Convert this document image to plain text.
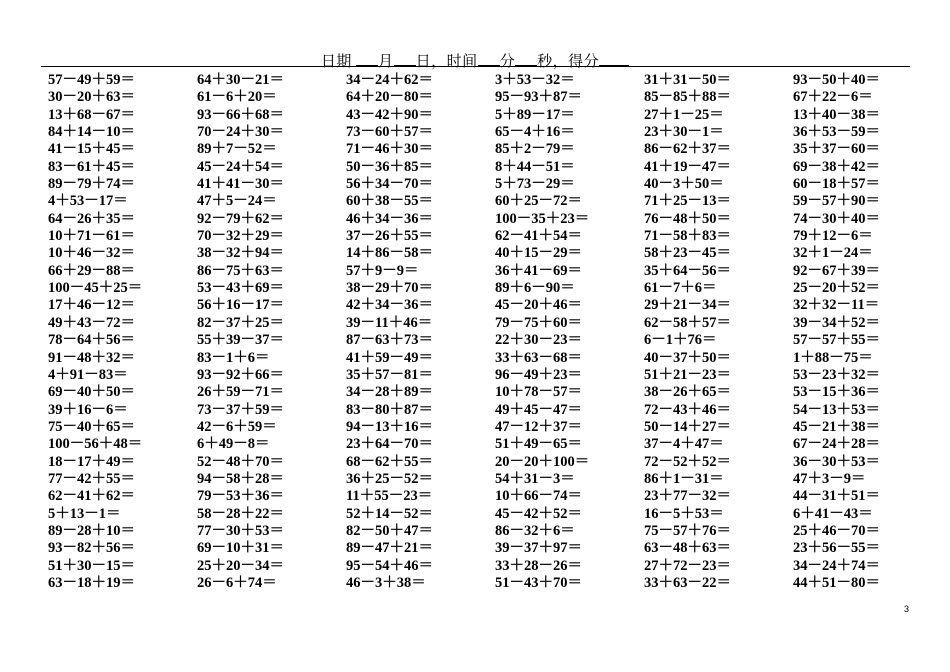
日期 月 日，时间 分 秒，得分
57－49＋59＝	64＋30－21＝	34－24＋62＝	3＋53－32＝	31＋31－50＝	93－50＋40＝
30－20＋63＝	61－6＋20＝	64＋20－80＝	95－93＋87＝	85－85＋88＝	67＋22－6＝
13＋68－67＝	93－66＋68＝	43－42＋90＝	5＋89－17＝	27＋1－25＝	13＋40－38＝
84＋14－10＝	70－24＋30＝	73－60＋57＝	65－4＋16＝	23＋30－1＝	36＋53－59＝
41－15＋45＝	89＋7－52＝	71－46＋30＝	85＋2－79＝	86－62＋37＝	35＋37－60＝
83－61＋45＝	45－24＋54＝	50－36＋85＝	8＋44－51＝	41＋19－47＝	69－38＋42＝
89－79＋74＝	41＋41－30＝	56＋34－70＝	5＋73－29＝	40－3＋50＝	60－18＋57＝
4＋53－17＝	47＋5－24＝	60＋38－55＝	60＋25－72＝	71＋25－13＝	59－57＋90＝
64－26＋35＝	92－79＋62＝	46＋34－36＝	100－35＋23＝	76－48＋50＝	74－30＋40＝
10＋71－61＝	70－32＋29＝	37－26＋55＝	62－41＋54＝	71－58＋83＝	79＋12－6＝
10＋46－32＝	38－32＋94＝	14＋86－58＝	40＋15－29＝	58＋23－45＝	32＋1－24＝
66＋29－88＝	86－75＋63＝	57＋9－9＝	36＋41－69＝	35＋64－56＝	92－67＋39＝
100－45＋25＝	53－43＋69＝	38－29＋70＝	89＋6－90＝	61－7＋6＝	25－20＋52＝
17＋46－12＝	56＋16－17＝	42＋34－36＝	45－20＋46＝	29＋21－34＝	32＋32－11＝
49＋43－72＝	82－37＋25＝	39－11＋46＝	79－75＋60＝	62－58＋57＝	39－34＋52＝
78－64＋56＝	55＋39－37＝	87－63＋73＝	22＋30－23＝	6－1＋76＝	57－57＋55＝
91－48＋32＝	83－1＋6＝	41＋59－49＝	33＋63－68＝	40－37＋50＝	1＋88－75＝
4＋91－83＝	93－92＋66＝	35＋57－81＝	96－49＋23＝	51＋21－23＝	53－23＋32＝
69－40＋50＝	26＋59－71＝	34－28＋89＝	10＋78－57＝	38－26＋65＝	53－15＋36＝
39＋16－6＝	73－37＋59＝	83－80＋87＝	49＋45－47＝	72－43＋46＝	54－13＋53＝
75－40＋65＝	42－6＋59＝	94－13＋16＝	47－12＋37＝	50－14＋27＝	45－21＋38＝
100－56＋48＝	6＋49－8＝	23＋64－70＝	51＋49－65＝	37－4＋47＝	67－24＋28＝
18－17＋49＝	52－48＋70＝	68－62＋55＝	20－20＋100＝	72－52＋52＝	36－30＋53＝
77－42＋55＝	94－58＋28＝	36＋25－52＝	54＋31－3＝	86＋1－31＝	47＋3－9＝
62－41＋62＝	79－53＋36＝	11＋55－23＝	10＋66－74＝	23＋77－32＝	44－31＋51＝
5＋13－1＝	58－28＋22＝	52＋14－52＝	45－42＋52＝	16－5＋53＝	6＋41－43＝
89－28＋10＝	77－30＋53＝	82－50＋47＝	86－32＋6＝	75－57＋76＝	25＋46－70＝
93－82＋56＝	69－10＋31＝	89－47＋21＝	39－37＋97＝	63－48＋63＝	23＋56－55＝
51＋30－15＝	25＋20－34＝	95－54＋46＝	33＋28－26＝	27＋72－23＝	34－24＋74＝
63－18＋19＝	26－6＋74＝	46－3＋38＝	51－43＋70＝	33＋63－22＝	44＋51－80＝
3
